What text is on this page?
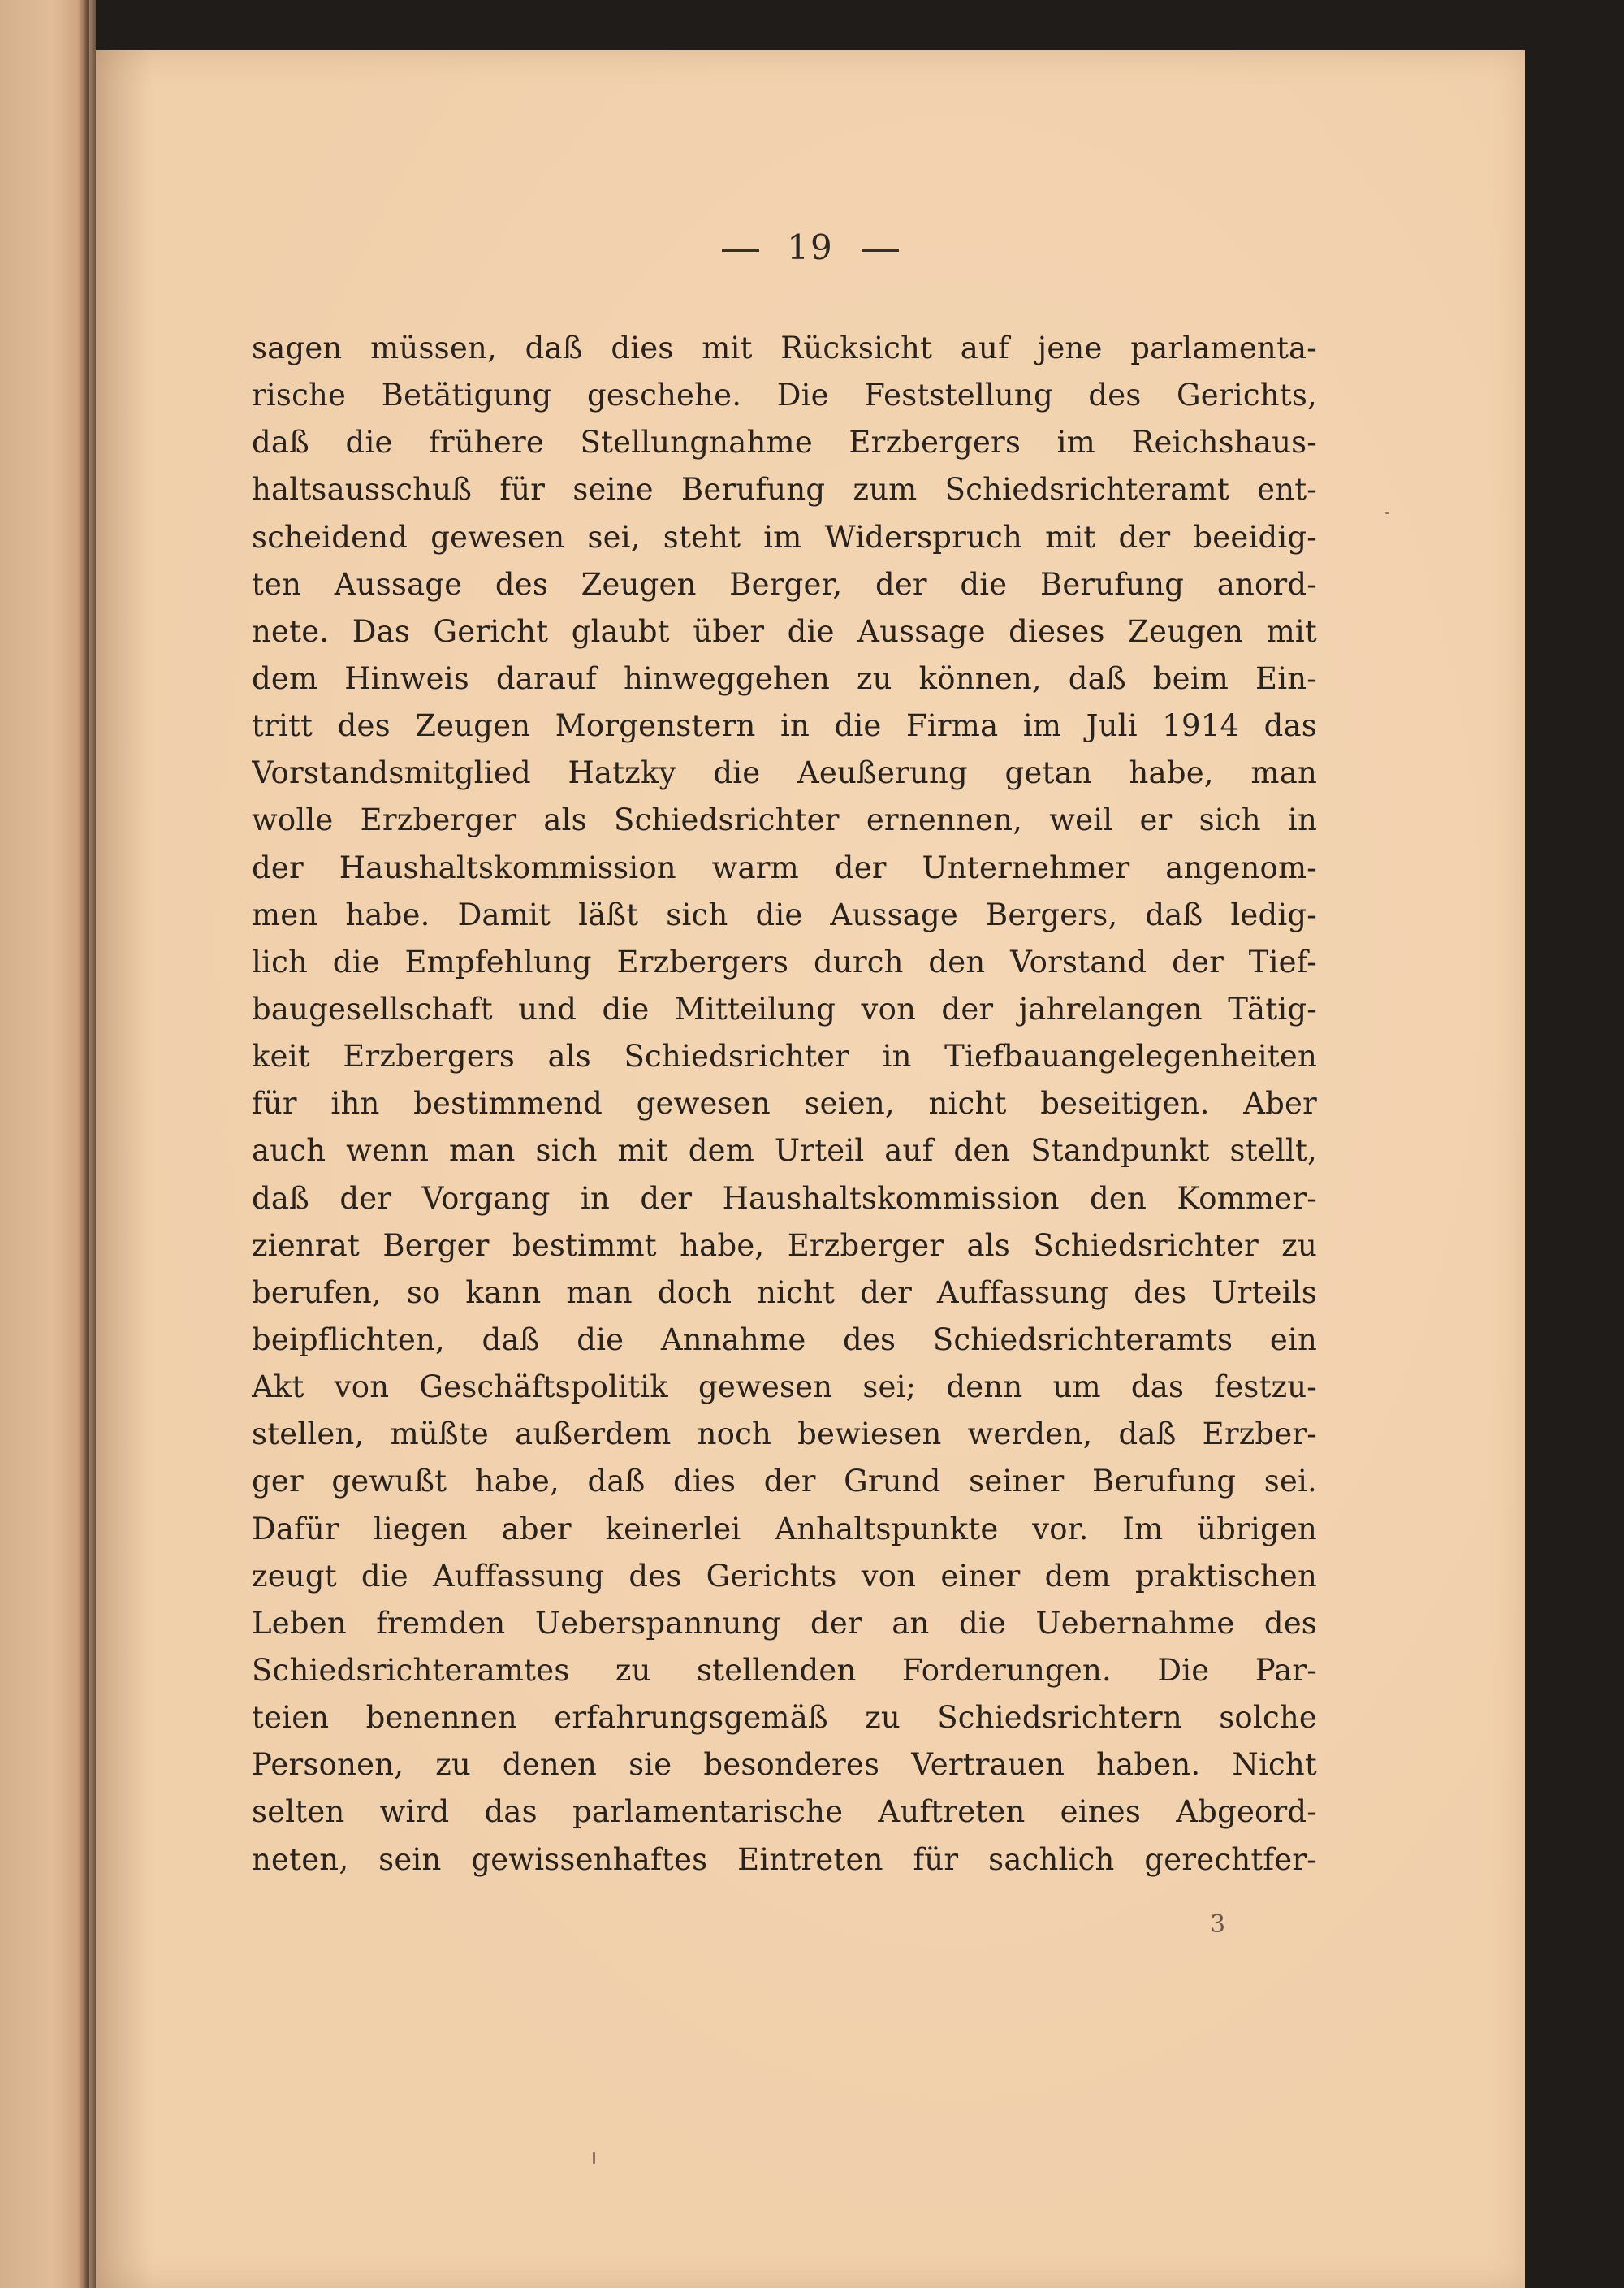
19

sagen müssen, daß dies mit Rücksicht auf jene parlamenta-
rische Betätigung geschehe. Die Feststellung des Gerichts,
daß die frühere Stellungnahme Erzbergers im Reichshaus-
haltsausschuß für seine Berufung zum Schiedsrichteramt ent-
scheidend gewesen sei, steht im Widerspruch mit der beeidig-
ten Aussage des Zeugen Berger, der die Berufung anord-
nete. Das Gericht glaubt über die Aussage dieses Zeugen mit
dem Hinweis darauf hinweggehen zu können, daß beim Ein-
tritt des Zeugen Morgenstern in die Firma im Juli 1914 das
Vorstandsmitglied Hatzky die Aeußerung getan habe, man
wolle Erzberger als Schiedsrichter ernennen, weil er sich in
der Haushaltskommission warm der Unternehmer angenom-
men habe. Damit läßt sich die Aussage Bergers, daß ledig-
lich die Empfehlung Erzbergers durch den Vorstand der Tief-
baugesellschaft und die Mitteilung von der jahrelangen Tätig-
keit Erzbergers als Schiedsrichter in Tiefbauangelegenheiten
für ihn bestimmend gewesen seien, nicht beseitigen. Aber
auch wenn man sich mit dem Urteil auf den Standpunkt stellt,
daß der Vorgang in der Haushaltskommission den Kommer-
zienrat Berger bestimmt habe, Erzberger als Schiedsrichter zu
berufen, so kann man doch nicht der Auffassung des Urteils
beipflichten, daß die Annahme des Schiedsrichteramts ein
Akt von Geschäftspolitik gewesen sei; denn um das festzu-
stellen, müßte außerdem noch bewiesen werden, daß Erzber-
ger gewußt habe, daß dies der Grund seiner Berufung sei.
Dafür liegen aber keinerlei Anhaltspunkte vor. Im übrigen
zeugt die Auffassung des Gerichts von einer dem praktischen
Leben fremden Ueberspannung der an die Uebernahme des
Schiedsrichteramtes zu stellenden Forderungen. Die Par-
teien benennen erfahrungsgemäß zu Schiedsrichtern solche
Personen, zu denen sie besonderes Vertrauen haben. Nicht
selten wird das parlamentarische Auftreten eines Abgeord-
neten, sein gewissenhaftes Eintreten für sachlich gerechtfer-

3
